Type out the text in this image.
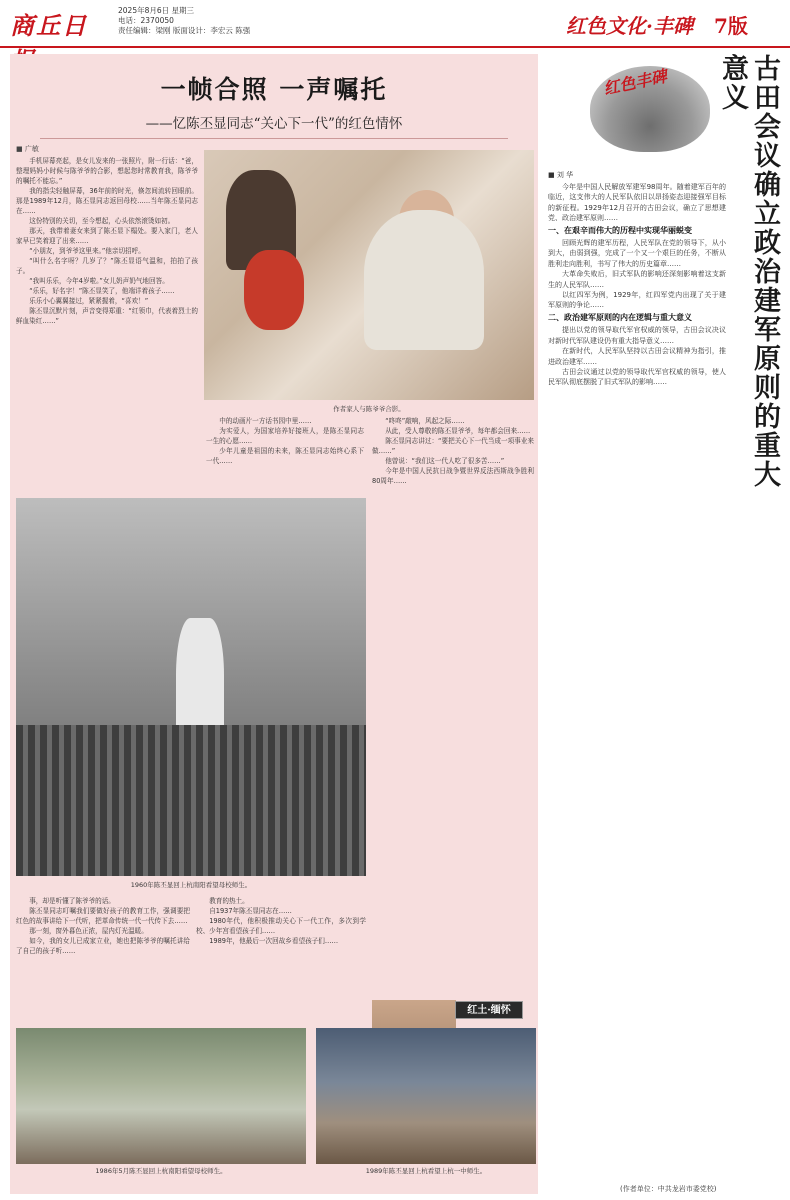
商丘日
2025年8月6日 星期三
电话：2370050
责任编辑：梁刚 版面设计：李宏云 陈强	红色文化·丰碑 7版
一帧合照 一声嘱托
——忆陈丕显同志“关心下一代”的红色情怀
■ 广敏

手机屏幕亮起，是女儿发来的一张照片，附一行话：“爸，整理妈妈小时候与陈爷爷的合影，想起您时常教育我，陈爷爷的嘱托不能忘。”

我的指尖轻触屏幕，36年前的时光，倏忽间流转回眼前。那是1989年12月，陈丕显同志返回母校……当年陈丕显同志在……

这份特别的关切，至今想起，心头依然滚烫如初。

那天，我带着妻女来到了陈丕显下榻处。要入家门，老人家早已笑着迎了出来……

“小朋友，到爷爷这里来。”他亲切招呼。

“叫什么名字呀？几岁了？”陈丕显语气温和，拍拍了孩子。

“我叫乐乐，今年4岁啦。”女儿奶声奶气地回答。

“乐乐，好名字！”陈丕显笑了，他端详着孩子……

乐乐小心翼翼接过，紧紧握着，“喜欢！”

陈丕显沉默片刻，声音变得郑重：“红领巾，代表着烈士的鲜血染红……”

作者家人与陈爷爷合影。

中的动画片一方话书园中里……

为实爱人，为国家培养好接班人，是陈丕显同志一生的心愿……

少年儿童是祖国的未来，陈丕显同志始终心系下一代……

“咚咚”敲响，风起之际……

从此，受人尊敬的陈丕显爷爷，每年都会回来……

陈丕显同志讲过：“要把关心下一代当成一项事业来做……”

他曾说：“我们这一代人吃了很多苦……”

今年是中国人民抗日战争暨世界反法西斯战争胜利80周年……

1960年陈丕显回上杭南阳看望母校师生。

事，却是听懂了陈爷爷的话。

陈丕显同志叮嘱我们要做好孩子的教育工作，强调要把红色的故事讲给下一代听，把革命传统一代一代传下去……

那一刻，窗外暮色正浓，屋内灯光温暖。

如今，我的女儿已成家立业，她也把陈爷爷的嘱托讲给了自己的孩子听……

教育的热土。

自1937年陈丕显同志在……

1980年代，他积极推动关心下一代工作，多次到学校、少年宫看望孩子们……

1989年，他最后一次回故乡看望孩子们……

红土·缅怀
1986年5月陈丕显回上杭南阳看望母校师生。	1989年陈丕显回上杭看望上杭一中师生。
红色丰碑	古田会议确立政治建军原则的重大意义
■ 刘 华

今年是中国人民解放军建军98周年。随着建军百年的临近，这支伟大的人民军队依旧以昂扬姿态迎接强军目标的新征程。1929年12月召开的古田会议，确立了思想建党、政治建军原则……

一、在艰辛而伟大的历程中实现华丽蜕变

回顾光辉的建军历程，人民军队在党的领导下，从小到大，由弱到强，完成了一个又一个艰巨的任务，不断从胜利走向胜利，书写了伟大的历史篇章……

大革命失败后，旧式军队的影响还深刻影响着这支新生的人民军队……

以红四军为例，1929年，红四军党内出现了关于建军原则的争论……

二、政治建军原则的内在逻辑与重大意义

提出以党的领导取代军官权威的领导，古田会议决议对新时代军队建设仍有重大指导意义……

在新时代，人民军队坚持以古田会议精神为指引，推进政治建军……

古田会议通过以党的领导取代军官权威的领导，使人民军队彻底摆脱了旧式军队的影响……

(作者单位：中共龙岩市委党校)
